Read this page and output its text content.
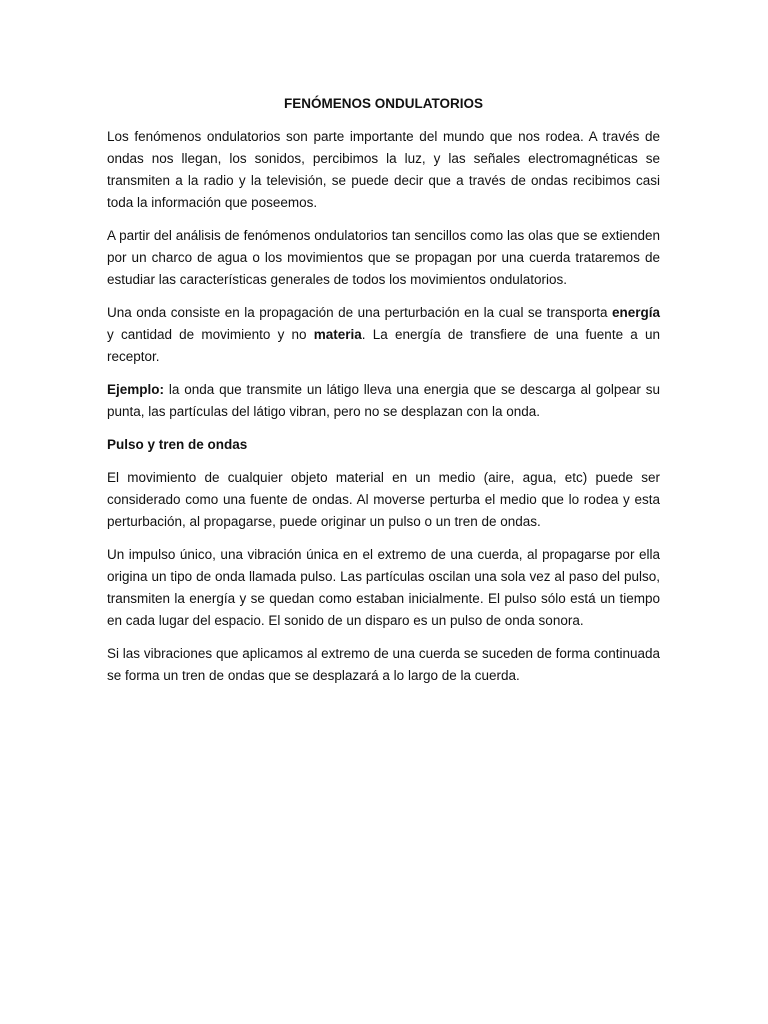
FENÓMENOS ONDULATORIOS

Los fenómenos ondulatorios son parte importante del mundo que nos rodea. A través de ondas nos llegan, los sonidos, percibimos la luz, y las señales electromagnéticas se transmiten a la radio y la televisión, se puede decir que a través de ondas recibimos casi toda la información que poseemos.

A partir del análisis de fenómenos ondulatorios tan sencillos como las olas que se extienden por un charco de agua o los movimientos que se propagan por una cuerda trataremos de estudiar las características generales de todos los movimientos ondulatorios.

Una onda consiste en la propagación de una perturbación en la cual se transporta energía y cantidad de movimiento y no materia. La energía de transfiere de una fuente a un receptor.

Ejemplo: la onda que transmite un látigo lleva una energia que se descarga al golpear su punta, las partículas del látigo vibran, pero no se desplazan con la onda.

Pulso y tren de ondas

El movimiento de cualquier objeto material en un medio (aire, agua, etc) puede ser considerado como una fuente de ondas. Al moverse perturba el medio que lo rodea y esta perturbación, al propagarse, puede originar un pulso o un tren de ondas.

Un impulso único, una vibración única en el extremo de una cuerda, al propagarse por ella origina un tipo de onda llamada pulso. Las partículas oscilan una sola vez al paso del pulso, transmiten la energía y se quedan como estaban inicialmente. El pulso sólo está un tiempo en cada lugar del espacio. El sonido de un disparo es un pulso de onda sonora.

Si las vibraciones que aplicamos al extremo de una cuerda se suceden de forma continuada se forma un tren de ondas que se desplazará a lo largo de la cuerda.
